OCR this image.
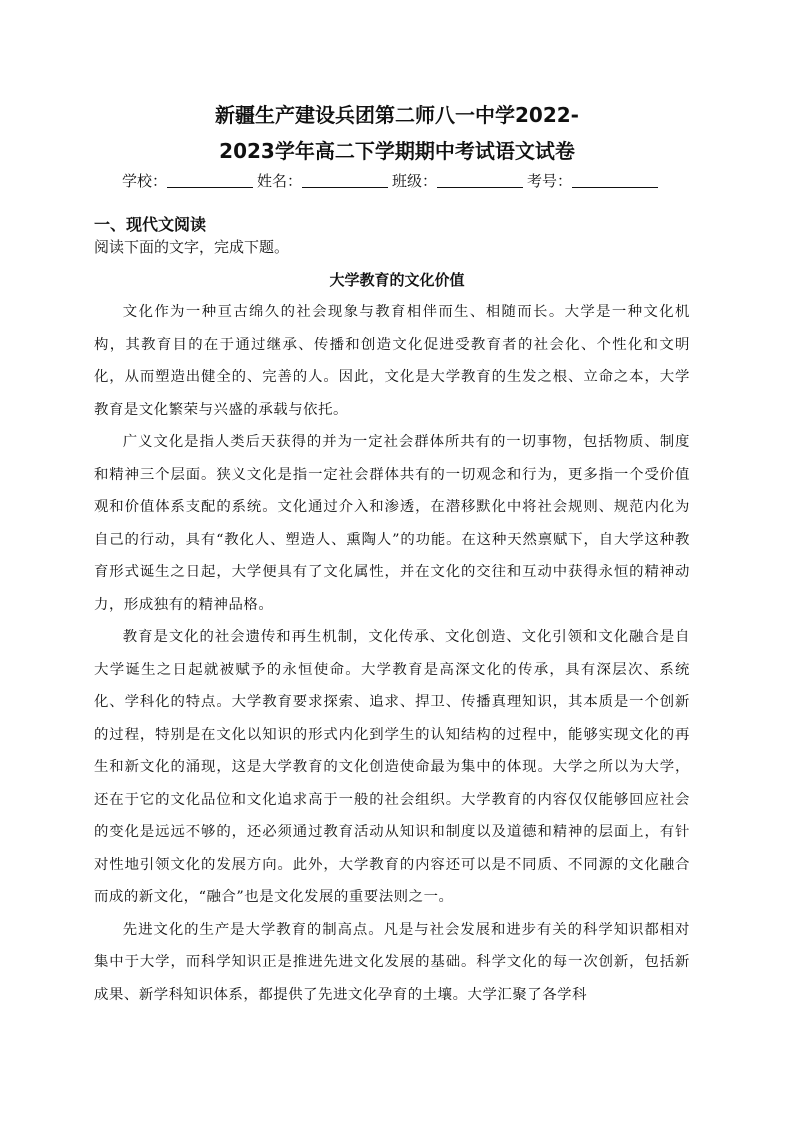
新疆生产建设兵团第二师八一中学2022-
2023学年高二下学期期中考试语文试卷
学校：	姓名：	班级：	考号：
一、现代文阅读
阅读下面的文字，完成下题。
大学教育的文化价值

文化作为一种亘古绵久的社会现象与教育相伴而生、相随而长。大学是一种文化机构，其教育目的在于通过继承、传播和创造文化促进受教育者的社会化、个性化和文明化，从而塑造出健全的、完善的人。因此，文化是大学教育的生发之根、立命之本，大学教育是文化繁荣与兴盛的承载与依托。

广义文化是指人类后天获得的并为一定社会群体所共有的一切事物，包括物质、制度和精神三个层面。狭义文化是指一定社会群体共有的一切观念和行为，更多指一个受价值观和价值体系支配的系统。文化通过介入和渗透，在潜移默化中将社会规则、规范内化为自己的行动，具有“教化人、塑造人、熏陶人”的功能。在这种天然禀赋下，自大学这种教育形式诞生之日起，大学便具有了文化属性，并在文化的交往和互动中获得永恒的精神动力，形成独有的精神品格。

教育是文化的社会遗传和再生机制，文化传承、文化创造、文化引领和文化融合是自大学诞生之日起就被赋予的永恒使命。大学教育是高深文化的传承，具有深层次、系统化、学科化的特点。大学教育要求探索、追求、捍卫、传播真理知识，其本质是一个创新的过程，特别是在文化以知识的形式内化到学生的认知结构的过程中，能够实现文化的再生和新文化的涌现，这是大学教育的文化创造使命最为集中的体现。大学之所以为大学，还在于它的文化品位和文化追求高于一般的社会组织。大学教育的内容仅仅能够回应社会的变化是远远不够的，还必须通过教育活动从知识和制度以及道德和精神的层面上，有针对性地引领文化的发展方向。此外，大学教育的内容还可以是不同质、不同源的文化融合而成的新文化，“融合”也是文化发展的重要法则之一。

先进文化的生产是大学教育的制高点。凡是与社会发展和进步有关的科学知识都相对集中于大学，而科学知识正是推进先进文化发展的基础。科学文化的每一次创新，包括新成果、新学科知识体系，都提供了先进文化孕育的土壤。大学汇聚了各学科
